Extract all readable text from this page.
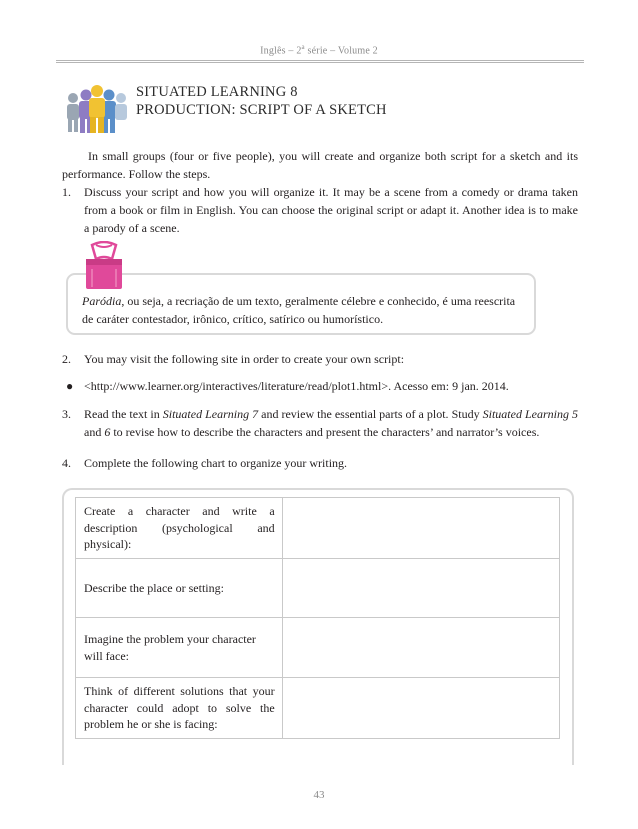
Inglês – 2$^a$ série – Volume 2
SITUATED LEARNING 8
PRODUCTION: SCRIPT OF A SKETCH
In small groups (four or five people), you will create and organize both script for a sketch and its performance. Follow the steps.
1. Discuss your script and how you will organize it. It may be a scene from a comedy or drama taken from a book or film in English. You can choose the original script or adapt it. Another idea is to make a parody of a scene.
Paródia, ou seja, a recriação de um texto, geralmente célebre e conhecido, é uma reescrita de caráter contestador, irônico, crítico, satírico ou humorístico.
2. You may visit the following site in order to create your own script:
● <http://www.learner.org/interactives/literature/read/plot1.html>. Acesso em: 9 jan. 2014.
3. Read the text in Situated Learning 7 and review the essential parts of a plot. Study Situated Learning 5 and 6 to revise how to describe the characters and present the characters’ and narrator’s voices.
4. Complete the following chart to organize your writing.
Create a character and write a description (psychological and physical):	

Describe the place or setting:	

Imagine the problem your character will face:	

Think of different solutions that your character could adopt to solve the problem he or she is facing:	

43
